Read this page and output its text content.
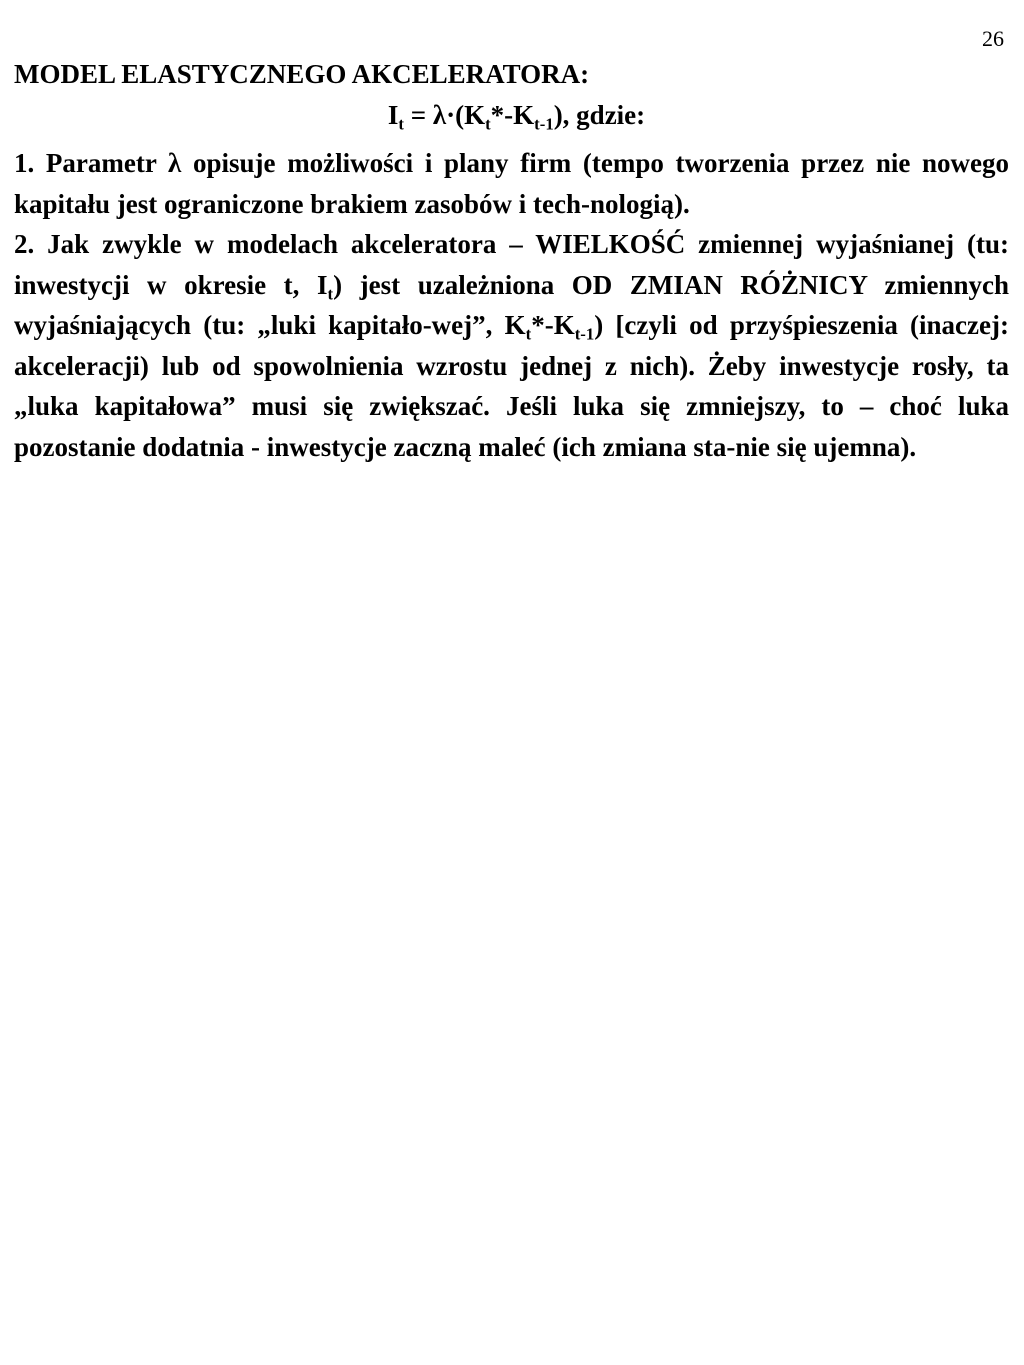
26
MODEL ELASTYCZNEGO AKCELERATORA:
$I_t = \lambda\cdot(K_t*-K_{t-1})$, gdzie:

1. Parametr λ opisuje możliwości i plany firm (tempo tworzenia przez nie nowego kapitału jest ograniczone brakiem zasobów i tech-nologią).

2. Jak zwykle w modelach akceleratora – WIELKOŚĆ zmiennej wyjaśnianej (tu: inwestycji w okresie t, $I_t$) jest uzależniona OD ZMIAN RÓŻNICY zmiennych wyjaśniających (tu: „luki kapitało-wej”, $K_t*-K_{t-1}$) [czyli od przyśpieszenia (inaczej: akceleracji) lub od spowolnienia wzrostu jednej z nich). Żeby inwestycje rosły, ta „luka kapitałowa” musi się zwiększać. Jeśli luka się zmniejszy, to – choć luka pozostanie dodatnia - inwestycje zaczną maleć (ich zmiana sta-nie się ujemna).
